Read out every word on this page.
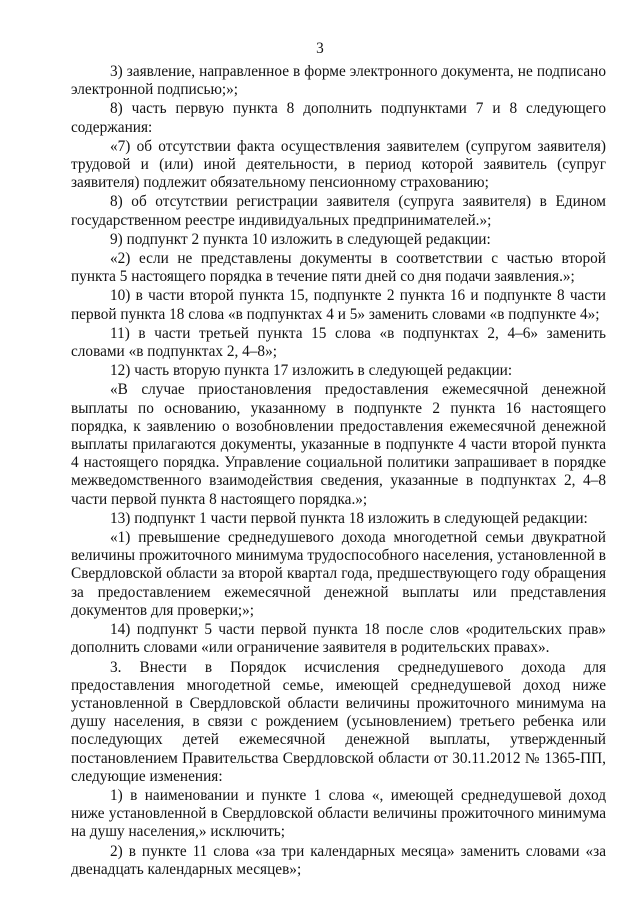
3

3) заявление, направленное в форме электронного документа, не подписано электронной подписью;»;

8) часть первую пункта 8 дополнить подпунктами 7 и 8 следующего содержания:

«7) об отсутствии факта осуществления заявителем (супругом заявителя) трудовой и (или) иной деятельности, в период которой заявитель (супруг заявителя) подлежит обязательному пенсионному страхованию;

8) об отсутствии регистрации заявителя (супруга заявителя) в Едином государственном реестре индивидуальных предпринимателей.»;

9) подпункт 2 пункта 10 изложить в следующей редакции:

«2) если не представлены документы в соответствии с частью второй пункта 5 настоящего порядка в течение пяти дней со дня подачи заявления.»;

10) в части второй пункта 15, подпункте 2 пункта 16 и подпункте 8 части первой пункта 18 слова «в подпунктах 4 и 5» заменить словами «в подпункте 4»;

11) в части третьей пункта 15 слова «в подпунктах 2, 4–6» заменить словами «в подпунктах 2, 4–8»;

12) часть вторую пункта 17 изложить в следующей редакции:

«В случае приостановления предоставления ежемесячной денежной выплаты по основанию, указанному в подпункте 2 пункта 16 настоящего порядка, к заявлению о возобновлении предоставления ежемесячной денежной выплаты прилагаются документы, указанные в подпункте 4 части второй пункта 4 настоящего порядка. Управление социальной политики запрашивает в порядке межведомственного взаимодействия сведения, указанные в подпунктах 2, 4–8 части первой пункта 8 настоящего порядка.»;

13) подпункт 1 части первой пункта 18 изложить в следующей редакции:

«1) превышение среднедушевого дохода многодетной семьи двукратной величины прожиточного минимума трудоспособного населения, установленной в Свердловской области за второй квартал года, предшествующего году обращения за предоставлением ежемесячной денежной выплаты или представления документов для проверки;»;

14) подпункт 5 части первой пункта 18 после слов «родительских прав» дополнить словами «или ограничение заявителя в родительских правах».

3. Внести в Порядок исчисления среднедушевого дохода для предоставления многодетной семье, имеющей среднедушевой доход ниже установленной в Свердловской области величины прожиточного минимума на душу населения, в связи с рождением (усыновлением) третьего ребенка или последующих детей ежемесячной денежной выплаты, утвержденный постановлением Правительства Свердловской области от 30.11.2012 № 1365-ПП, следующие изменения:

1) в наименовании и пункте 1 слова «, имеющей среднедушевой доход ниже установленной в Свердловской области величины прожиточного минимума на душу населения,» исключить;

2) в пункте 11 слова «за три календарных месяца» заменить словами «за двенадцать календарных месяцев»;
